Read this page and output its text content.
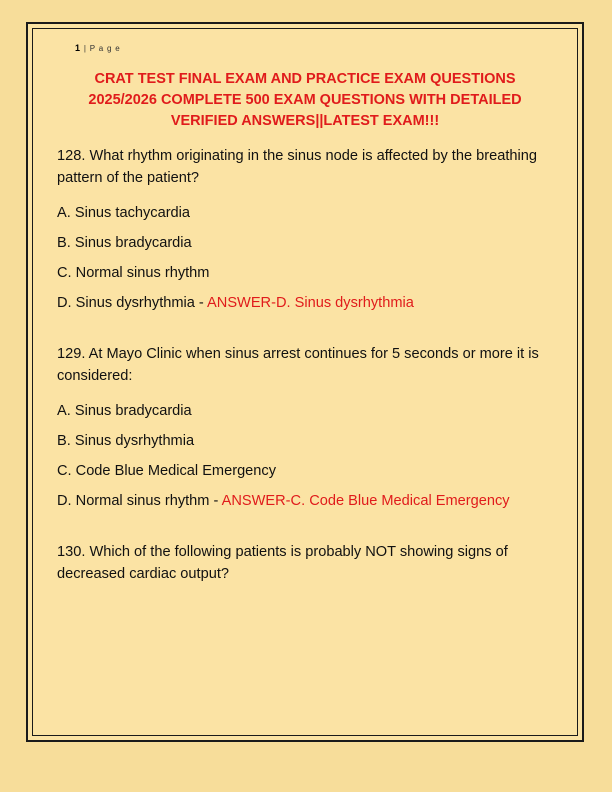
1 | P a g e
CRAT TEST FINAL EXAM AND PRACTICE EXAM QUESTIONS 2025/2026 COMPLETE 500 EXAM QUESTIONS WITH DETAILED VERIFIED ANSWERS||LATEST EXAM!!!
128. What rhythm originating in the sinus node is affected by the breathing pattern of the patient?
A. Sinus tachycardia
B. Sinus bradycardia
C. Normal sinus rhythm
D. Sinus dysrhythmia - ANSWER-D. Sinus dysrhythmia
129. At Mayo Clinic when sinus arrest continues for 5 seconds or more it is considered:
A. Sinus bradycardia
B. Sinus dysrhythmia
C. Code Blue Medical Emergency
D. Normal sinus rhythm - ANSWER-C. Code Blue Medical Emergency
130. Which of the following patients is probably NOT showing signs of decreased cardiac output?
